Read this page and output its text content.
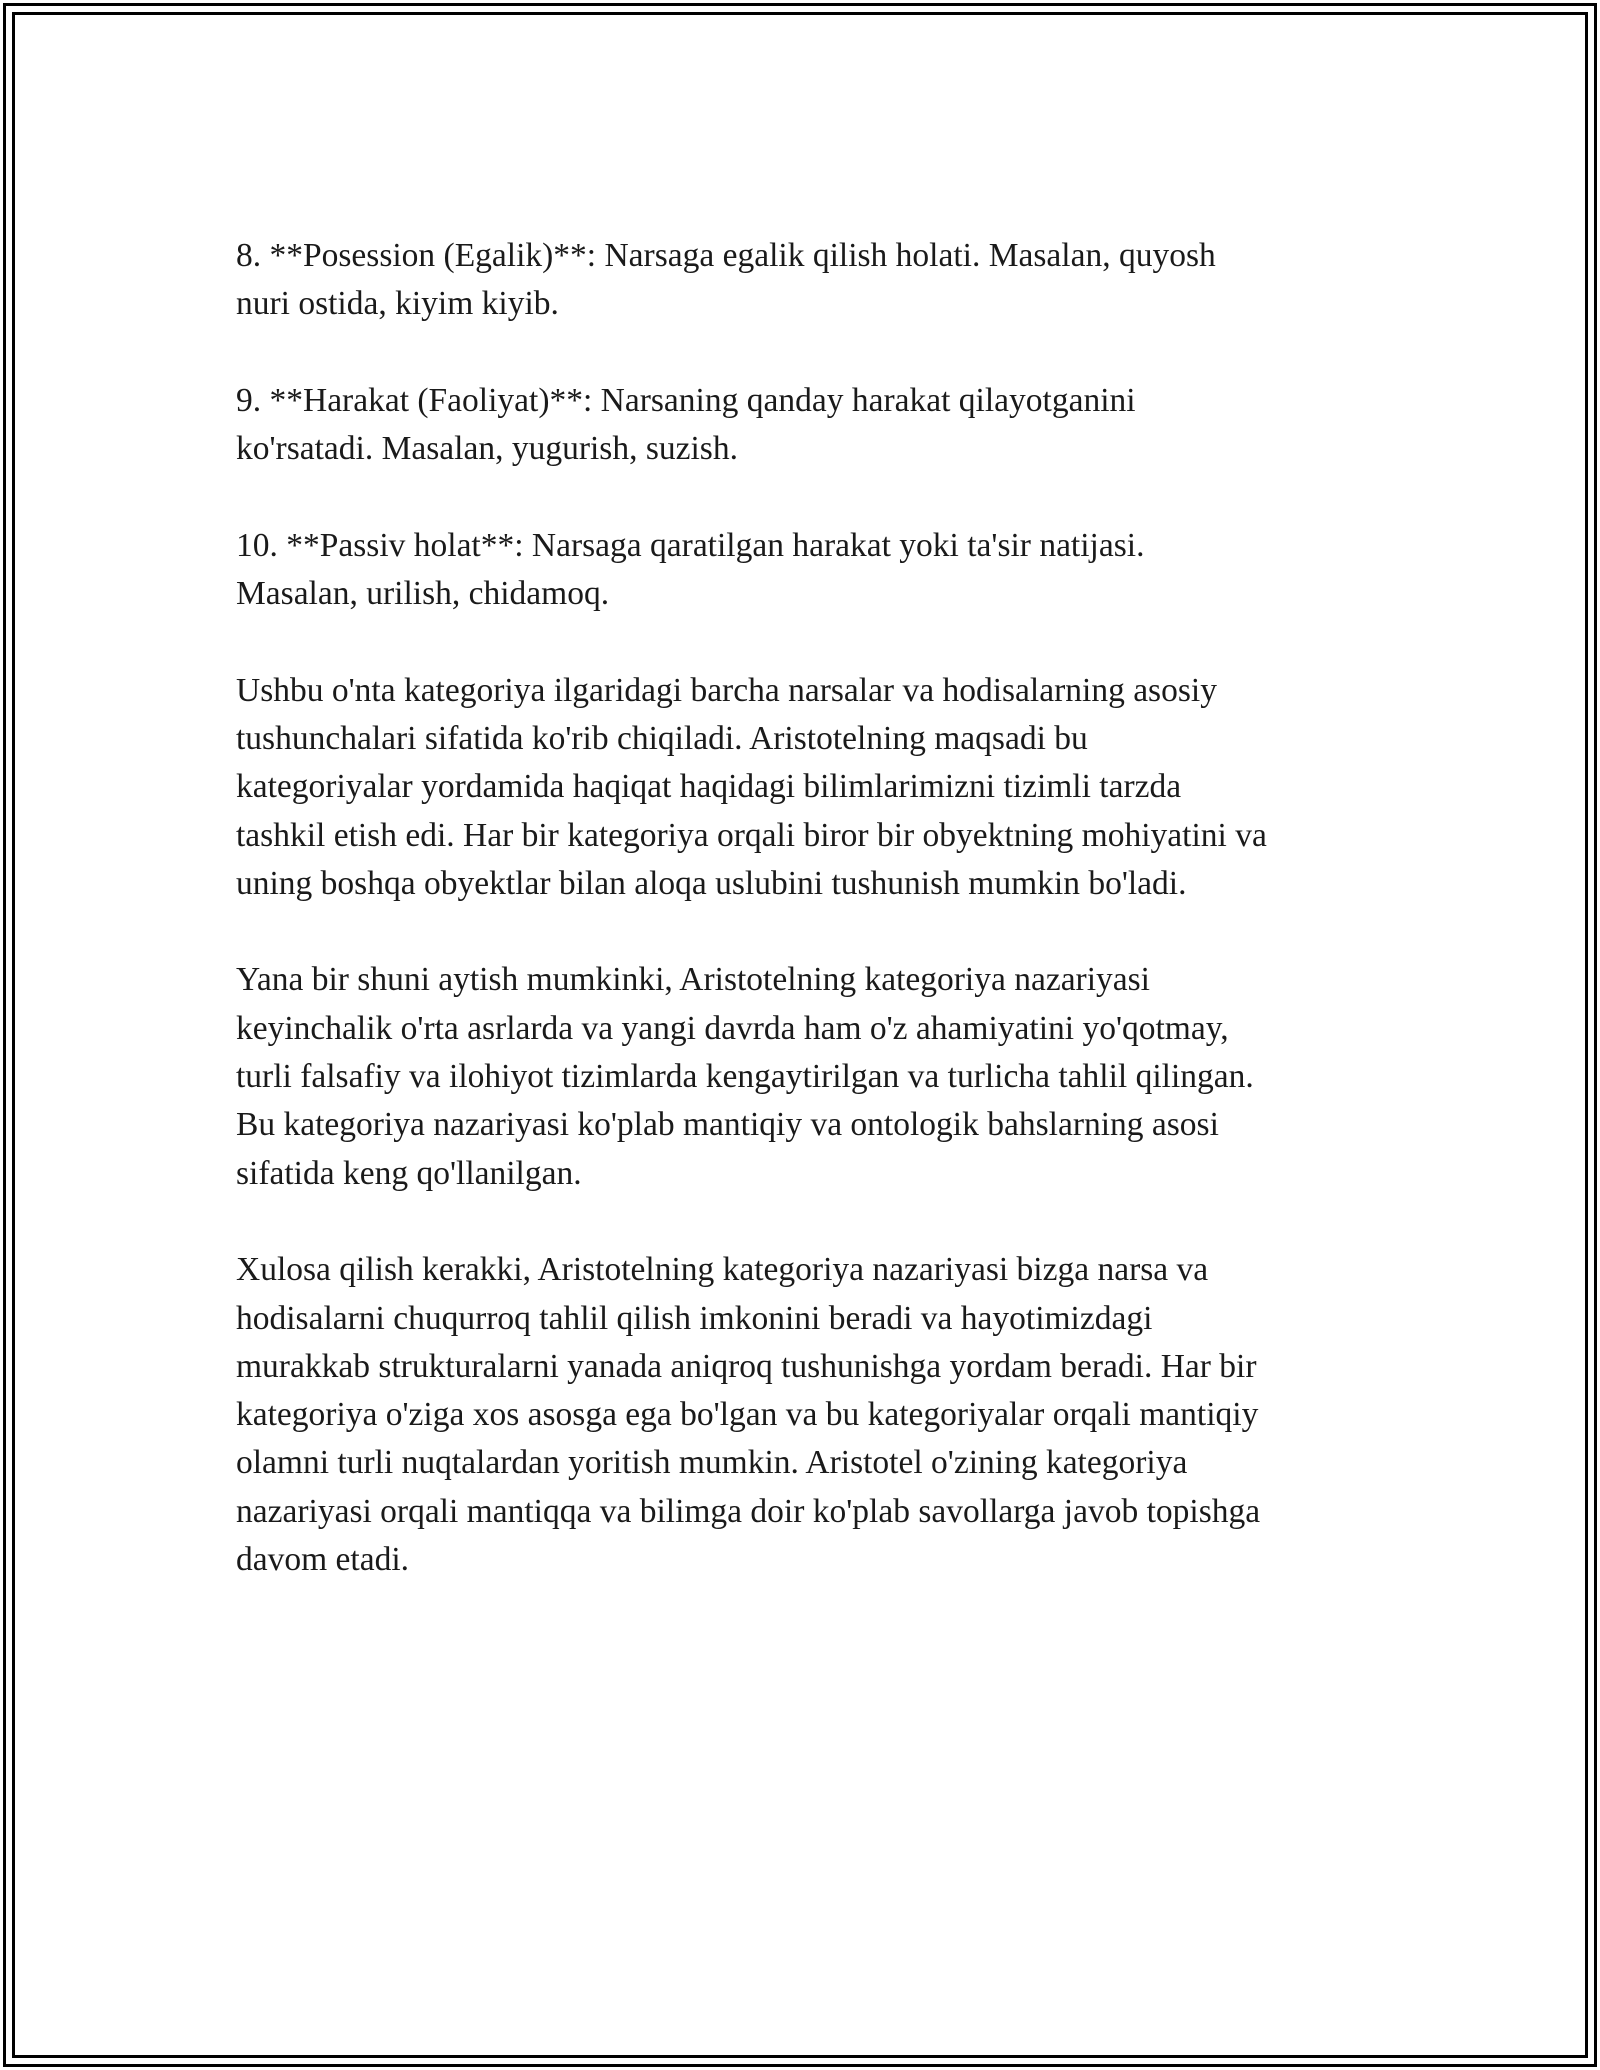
8. **Posession (Egalik)**: Narsaga egalik qilish holati. Masalan, quyosh
nuri ostida, kiyim kiyib.

9. **Harakat (Faoliyat)**: Narsaning qanday harakat qilayotganini
ko'rsatadi. Masalan, yugurish, suzish.

10. **Passiv holat**: Narsaga qaratilgan harakat yoki ta'sir natijasi.
Masalan, urilish, chidamoq.

Ushbu o'nta kategoriya ilgaridagi barcha narsalar va hodisalarning asosiy
tushunchalari sifatida ko'rib chiqiladi. Aristotelning maqsadi bu
kategoriyalar yordamida haqiqat haqidagi bilimlarimizni tizimli tarzda
tashkil etish edi. Har bir kategoriya orqali biror bir obyektning mohiyatini va
uning boshqa obyektlar bilan aloqa uslubini tushunish mumkin bo'ladi.

Yana bir shuni aytish mumkinki, Aristotelning kategoriya nazariyasi
keyinchalik o'rta asrlarda va yangi davrda ham o'z ahamiyatini yo'qotmay,
turli falsafiy va ilohiyot tizimlarda kengaytirilgan va turlicha tahlil qilingan.
Bu kategoriya nazariyasi ko'plab mantiqiy va ontologik bahslarning asosi
sifatida keng qo'llanilgan.

Xulosa qilish kerakki, Aristotelning kategoriya nazariyasi bizga narsa va
hodisalarni chuqurroq tahlil qilish imkonini beradi va hayotimizdagi
murakkab strukturalarni yanada aniqroq tushunishga yordam beradi. Har bir
kategoriya o'ziga xos asosga ega bo'lgan va bu kategoriyalar orqali mantiqiy
olamni turli nuqtalardan yoritish mumkin. Aristotel o'zining kategoriya
nazariyasi orqali mantiqqa va bilimga doir ko'plab savollarga javob topishga
davom etadi.
